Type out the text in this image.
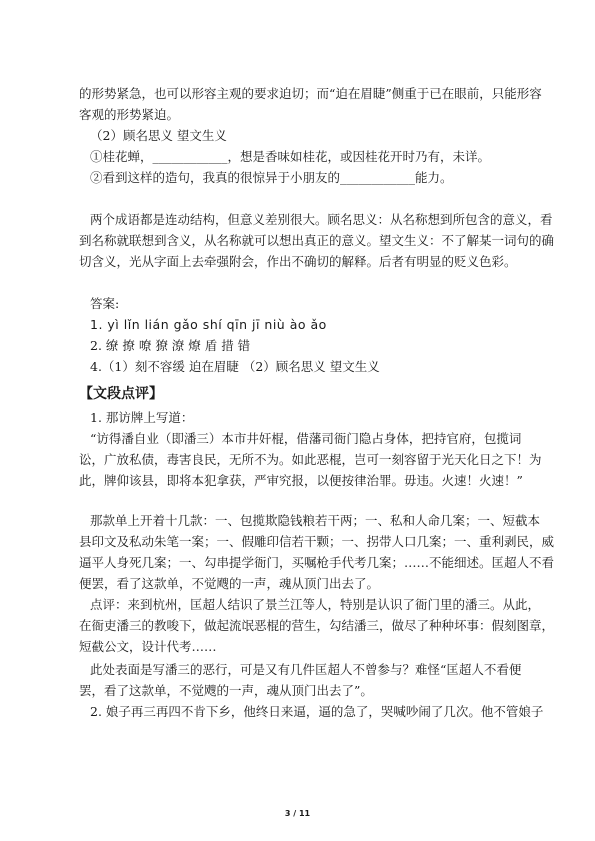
的形势紧急，也可以形容主观的要求迫切；而“迫在眉睫”侧重于已在眼前，只能形容
客观的形势紧迫。
（2）顾名思义 望文生义
①桂花蝉，____________，想是香味如桂花，或因桂花开时乃有，未详。
②看到这样的造句，我真的很惊异于小朋友的____________能力。
两个成语都是连动结构，但意义差别很大。顾名思义：从名称想到所包含的意义，看
到名称就联想到含义，从名称就可以想出真正的意义。望文生义：不了解某一词句的确
切含义，光从字面上去牵强附会，作出不确切的解释。后者有明显的贬义色彩。
答案:
1. yì lǐn lián gǎo shí qīn jī niù ào ǎo
2. 缭 撩 嘹 獠 潦 燎 盾 措 错
4.（1）刻不容缓 迫在眉睫 （2）顾名思义 望文生义
【文段点评】
1. 那访牌上写道：
“访得潘自业（即潘三）本市井奸棍，借藩司衙门隐占身体，把持官府，包揽词
讼，广放私债，毒害良民，无所不为。如此恶棍，岂可一刻容留于光天化日之下！为
此，牌仰该县，即将本犯拿获，严审究报，以便按律治罪。毋违。火速！火速！”
那款单上开着十几款：一、包揽欺隐钱粮若干两；一、私和人命几案；一、短截本
县印文及私动朱笔一案；一、假雕印信若干颗；一、拐带人口几案；一、重利剥民，威
逼平人身死几案；一、勾串提学衙门，买嘱枪手代考几案；……不能细述。匡超人不看
便罢，看了这款单，不觉飕的一声，魂从顶门出去了。
点评：来到杭州，匡超人结识了景兰江等人，特别是认识了衙门里的潘三。从此，
在衙吏潘三的教唆下，做起流氓恶棍的营生，勾结潘三，做尽了种种坏事：假刻图章，
短截公文，设计代考……
此处表面是写潘三的恶行，可是又有几件匡超人不曾参与？难怪“匡超人不看便
罢，看了这款单，不觉飕的一声，魂从顶门出去了”。
2. 娘子再三再四不肯下乡，他终日来逼，逼的急了，哭喊吵闹了几次。他不管娘子
3 / 11
